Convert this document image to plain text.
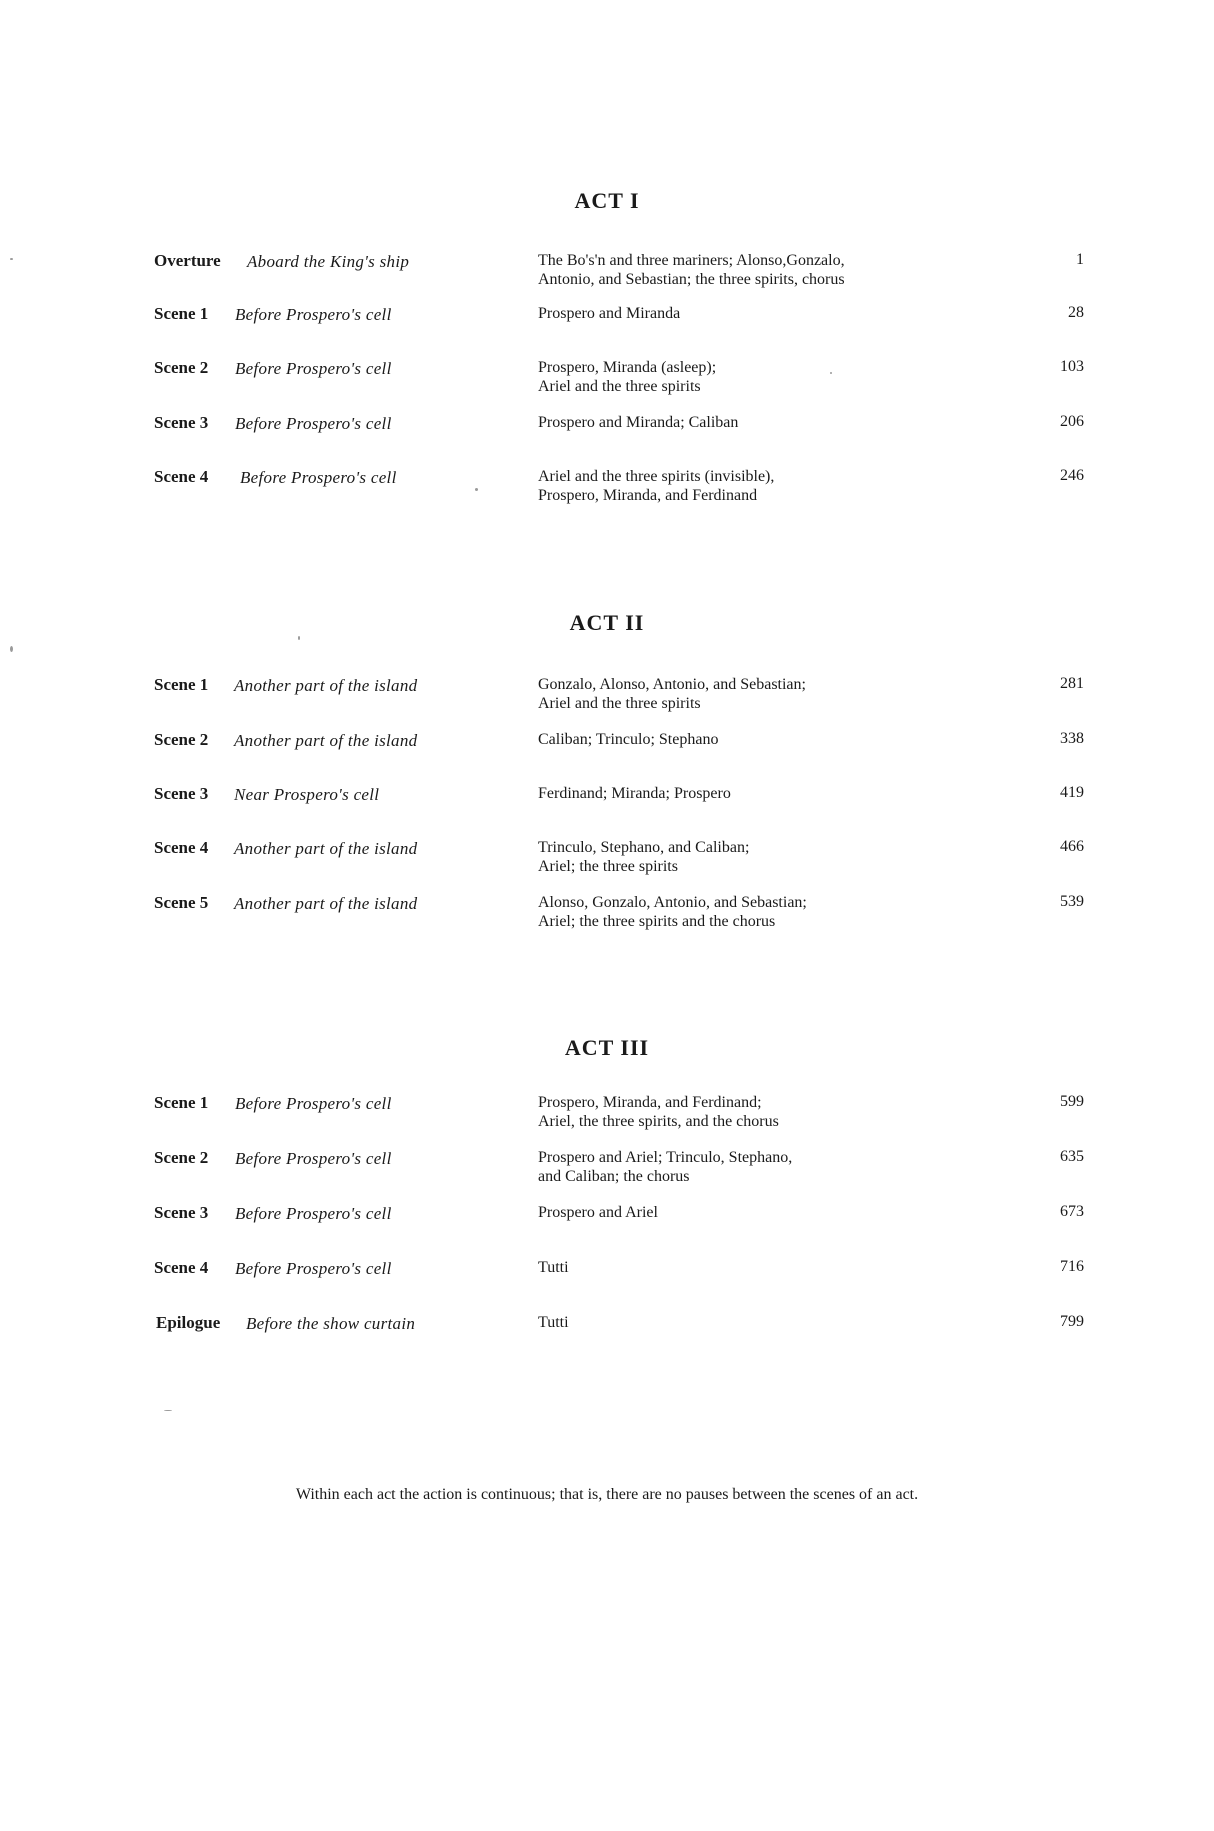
ACT I
Overture Aboard the King's ship	The Bo's'n and three mariners; Alonso,Gonzalo,
Antonio, and Sebastian; the three spirits, chorus
1
Scene 1 Before Prospero's cell	Prospero and Miranda	28
Scene 2 Before Prospero's cell	Prospero, Miranda (asleep);
Ariel and the three spirits
103
Scene 3 Before Prospero's cell	Prospero and Miranda; Caliban	206
Scene 4 Before Prospero's cell	Ariel and the three spirits (invisible),
Prospero, Miranda, and Ferdinand
246
ACT II
Scene 1 Another part of the island	Gonzalo, Alonso, Antonio, and Sebastian;
Ariel and the three spirits
281
Scene 2 Another part of the island	Caliban; Trinculo; Stephano	338
Scene 3 Near Prospero's cell	Ferdinand; Miranda; Prospero	419
Scene 4 Another part of the island	Trinculo, Stephano, and Caliban;
Ariel; the three spirits
466
Scene 5 Another part of the island	Alonso, Gonzalo, Antonio, and Sebastian;
Ariel; the three spirits and the chorus
539
ACT III
Scene 1 Before Prospero's cell	Prospero, Miranda, and Ferdinand;
Ariel, the three spirits, and the chorus
599
Scene 2 Before Prospero's cell	Prospero and Ariel; Trinculo, Stephano,
and Caliban; the chorus
635
Scene 3 Before Prospero's cell	Prospero and Ariel	673
Scene 4 Before Prospero's cell	Tutti	716
Epilogue Before the show curtain	Tutti	799
Within each act the action is continuous; that is, there are no pauses between the scenes of an act.
